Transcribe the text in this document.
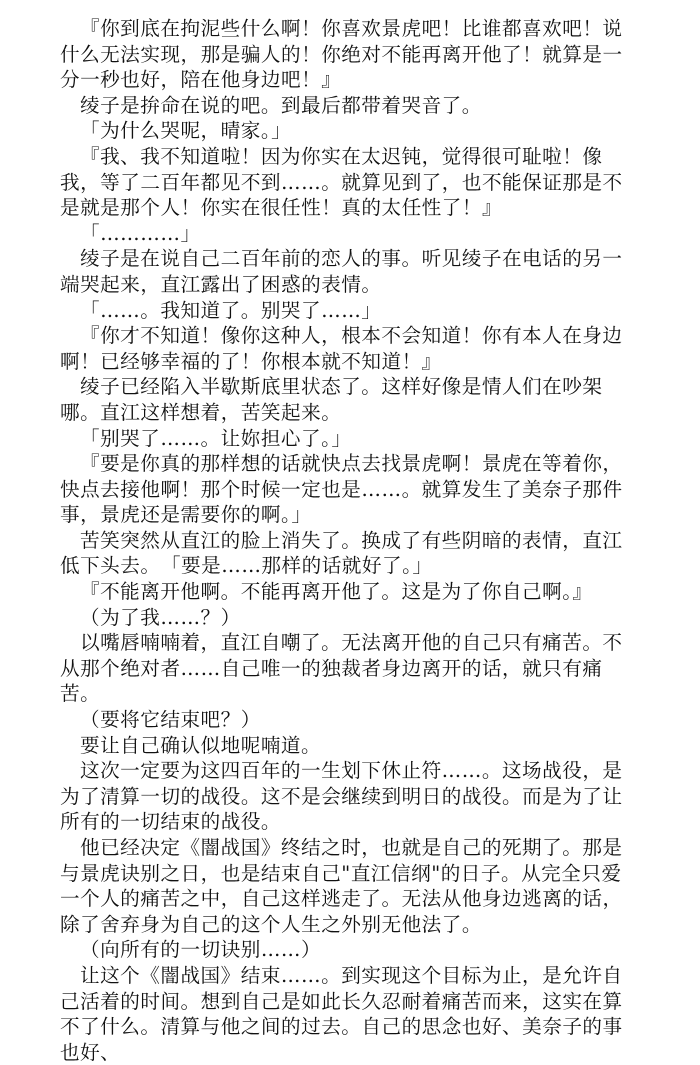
『你到底在拘泥些什么啊！你喜欢景虎吧！比谁都喜欢吧！说什么无法实现，那是骗人的！你绝对不能再离开他了！就算是一分一秒也好，陪在他身边吧！』

绫子是拚命在说的吧。到最后都带着哭音了。

「为什么哭呢，晴家。」

『我、我不知道啦！因为你实在太迟钝，觉得很可耻啦！像我，等了二百年都见不到……。就算见到了，也不能保证那是不是就是那个人！你实在很任性！真的太任性了！』

「…………」

绫子是在说自己二百年前的恋人的事。听见绫子在电话的另一端哭起来，直江露出了困惑的表情。

「……。我知道了。别哭了……」

『你才不知道！像你这种人，根本不会知道！你有本人在身边啊！已经够幸福的了！你根本就不知道！』

绫子已经陷入半歇斯底里状态了。这样好像是情人们在吵架哪。直江这样想着，苦笑起来。

「别哭了……。让妳担心了。」

『要是你真的那样想的话就快点去找景虎啊！景虎在等着你，快点去接他啊！那个时候一定也是……。就算发生了美奈子那件事，景虎还是需要你的啊。」

苦笑突然从直江的脸上消失了。换成了有些阴暗的表情，直江低下头去。　「要是……那样的话就好了。」

『不能离开他啊。不能再离开他了。这是为了你自己啊。』

（为了我……？）

以嘴唇喃喃着，直江自嘲了。无法离开他的自己只有痛苦。不从那个绝对者……自己唯一的独裁者身边离开的话，就只有痛苦。

（要将它结束吧？）

要让自己确认似地呢喃道。

这次一定要为这四百年的一生划下休止符……。这场战役，是为了清算一切的战役。这不是会继续到明日的战役。而是为了让所有的一切结束的战役。

他已经决定《闇战国》终结之时，也就是自己的死期了。那是与景虎诀别之日，也是结束自己"直江信纲"的日子。从完全只爱一个人的痛苦之中，自己这样逃走了。无法从他身边逃离的话，除了舍弃身为自己的这个人生之外别无他法了。

（向所有的一切诀别……）

让这个《闇战国》结束……。到实现这个目标为止，是允许自己活着的时间。想到自己是如此长久忍耐着痛苦而来，这实在算不了什么。清算与他之间的过去。自己的思念也好、美奈子的事也好、
